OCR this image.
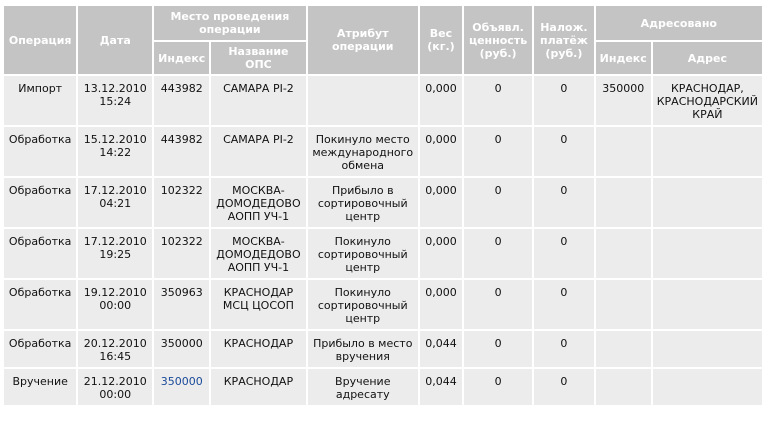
Операция	Дата	Место проведения операции		Атрибут операции	Вес (кг.)	Объявл. ценность (руб.)	Налож. платёж (руб.)	Адресовано	
		Индекс	Название ОПС					Индекс	Адрес
Импорт	13.12.2010 15:24	443982	САМАРА PI-2		0,000	0	0	350000	КРАСНОДАР, КРАСНОДАРСКИЙ КРАЙ
Обработка	15.12.2010 14:22	443982	САМАРА PI-2	Покинуло место международного обмена	0,000	0	0		
Обработка	17.12.2010 04:21	102322	МОСКВА-ДОМОДЕДОВО АОПП УЧ-1	Прибыло в сортировочный центр	0,000	0	0		
Обработка	17.12.2010 19:25	102322	МОСКВА-ДОМОДЕДОВО АОПП УЧ-1	Покинуло сортировочный центр	0,000	0	0		
Обработка	19.12.2010 00:00	350963	КРАСНОДАР МСЦ ЦОСОП	Покинуло сортировочный центр	0,000	0	0		
Обработка	20.12.2010 16:45	350000	КРАСНОДАР	Прибыло в место вручения	0,044	0	0		
Вручение	21.12.2010 00:00	350000	КРАСНОДАР	Вручение адресату	0,044	0	0		
